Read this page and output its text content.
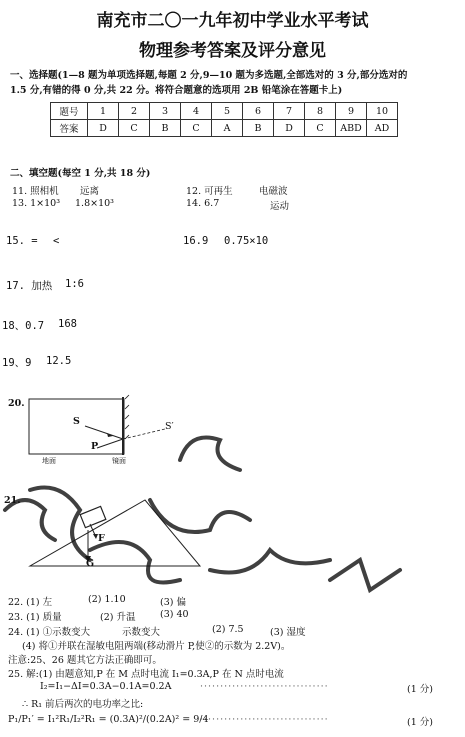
南充市二〇一九年初中学业水平考试
物理参考答案及评分意见
一、选择题(1—8 题为单项选择题,每题 2 分,9—10 题为多选题,全部选对的 3 分,部分选对的
1.5 分,有错的得 0 分,共 22 分。将符合题意的选项用 2B 铅笔涂在答题卡上)
题号	1	2	3	4	5	6	7	8	9	10
答案	D	C	B	C	A	B	D	C	ABD	AD
二、填空题(每空 1 分,共 18 分)
11. 照相机 远离	12. 可再生	电磁波
13. 1×10³ 1.8×10³	14. 6.7	运动
15. = <	16.9 0.75×10
17. 加热 1:6
18、0.7 168
19、9 12.5
20.
S	S′
P
地面	镜面
21.
F
G
22. (1) 左	(2) 1.10	(3) 偏
23. (1) 质量	(2) 升温	(3) 40
24. (1) ①示数变大	示数变大	(2) 7.5	(3) 湿度
(4) 将①并联在湿敏电阻两端(移动滑片 P,使②的示数为 2.2V)。
注意:25、26 题其它方法正确即可。
25. 解:(1) 由题意知,P 在 M 点时电流 I₁=0.3A,P 在 N 点时电流
I₂=I₁−ΔI=0.3A−0.1A=0.2A	································	(1 分)
∴ R₁ 前后两次的电功率之比:
P₁/P₁′ = I₁²R₁/I₂²R₁ = (0.3A)²/(0.2A)² = 9/4
································	(1 分)
